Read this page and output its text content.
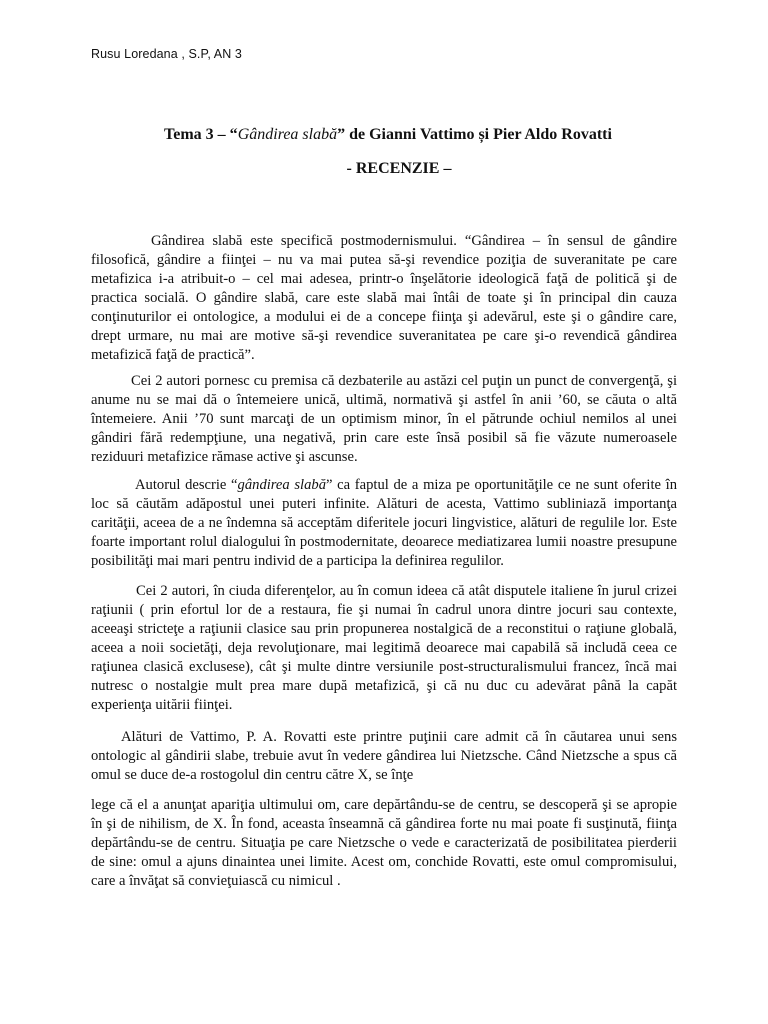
Rusu Loredana , S.P, AN 3

Tema 3 – “Gândirea slabă” de Gianni Vattimo și Pier Aldo Rovatti
- RECENZIE –

Gândirea slabă este specifică postmodernismului. “Gândirea – în sensul de gândire filosofică, gândire a fiinţei – nu va mai putea să-şi revendice poziţia de suveranitate pe care metafizica i-a atribuit-o – cel mai adesea, printr-o înşelătorie ideologică faţă de politică şi de practica socială. O gândire slabă, care este slabă mai întâi de toate şi în principal din cauza conţinuturilor ei ontologice, a modului ei de a concepe fiinţa şi adevărul, este şi o gândire care, drept urmare, nu mai are motive să-şi revendice suveranitatea pe care şi-o revendică gândirea metafizică faţă de practică”.

Cei 2 autori pornesc cu premisa că dezbaterile au astăzi cel puţin un punct de convergenţă, şi anume nu se mai dă o întemeiere unică, ultimă, normativă şi astfel în anii ’60, se căuta o altă întemeiere. Anii ’70 sunt marcaţi de un optimism minor, în el pătrunde ochiul nemilos al unei gândiri fără redempţiune, una negativă, prin care este însă posibil să fie văzute numeroasele reziduuri metafizice rămase active şi ascunse.

Autorul descrie “gândirea slabă” ca faptul de a miza pe oportunităţile ce ne sunt oferite în loc să căutăm adăpostul unei puteri infinite. Alături de acesta, Vattimo subliniază importanţa carităţii, aceea de a ne îndemna să acceptăm diferitele jocuri lingvistice, alături de regulile lor. Este foarte important rolul dialogului în postmodernitate, deoarece mediatizarea lumii noastre presupune posibilităţi mai mari pentru individ de a participa la definirea regulilor.

Cei 2 autori, în ciuda diferenţelor, au în comun ideea că atât disputele italiene în jurul crizei raţiunii ( prin efortul lor de a restaura, fie şi numai în cadrul unora dintre jocuri sau contexte, aceeaşi stricteţe a raţiunii clasice sau prin propunerea nostalgică de a reconstitui o raţiune globală, aceea a noii societăţi, deja revoluţionare, mai legitimă deoarece mai capabilă să includă ceea ce raţiunea clasică exclusese), cât şi multe dintre versiunile post-structuralismului francez, încă mai nutresc o nostalgie mult prea mare după metafizică, şi că nu duc cu adevărat până la capăt experienţa uitării fiinţei.

Alături de Vattimo, P. A. Rovatti este printre puţinii care admit că în căutarea unui sens ontologic al gândirii slabe, trebuie avut în vedere gândirea lui Nietzsche. Când Nietzsche a spus că omul se duce de-a rostogolul din centru către X, se înţe

lege că el a anunţat apariţia ultimului om, care depărtându-se de centru, se descoperă şi se apropie în şi de nihilism, de X. În fond, aceasta înseamnă că gândirea forte nu mai poate fi susţinută, fiinţa depărtându-se de centru. Situaţia pe care Nietzsche o vede e caracterizată de posibilitatea pierderii de sine: omul a ajuns dinaintea unei limite. Acest om, conchide Rovatti, este omul compromisului, care a învăţat să convieţuiască cu nimicul .
